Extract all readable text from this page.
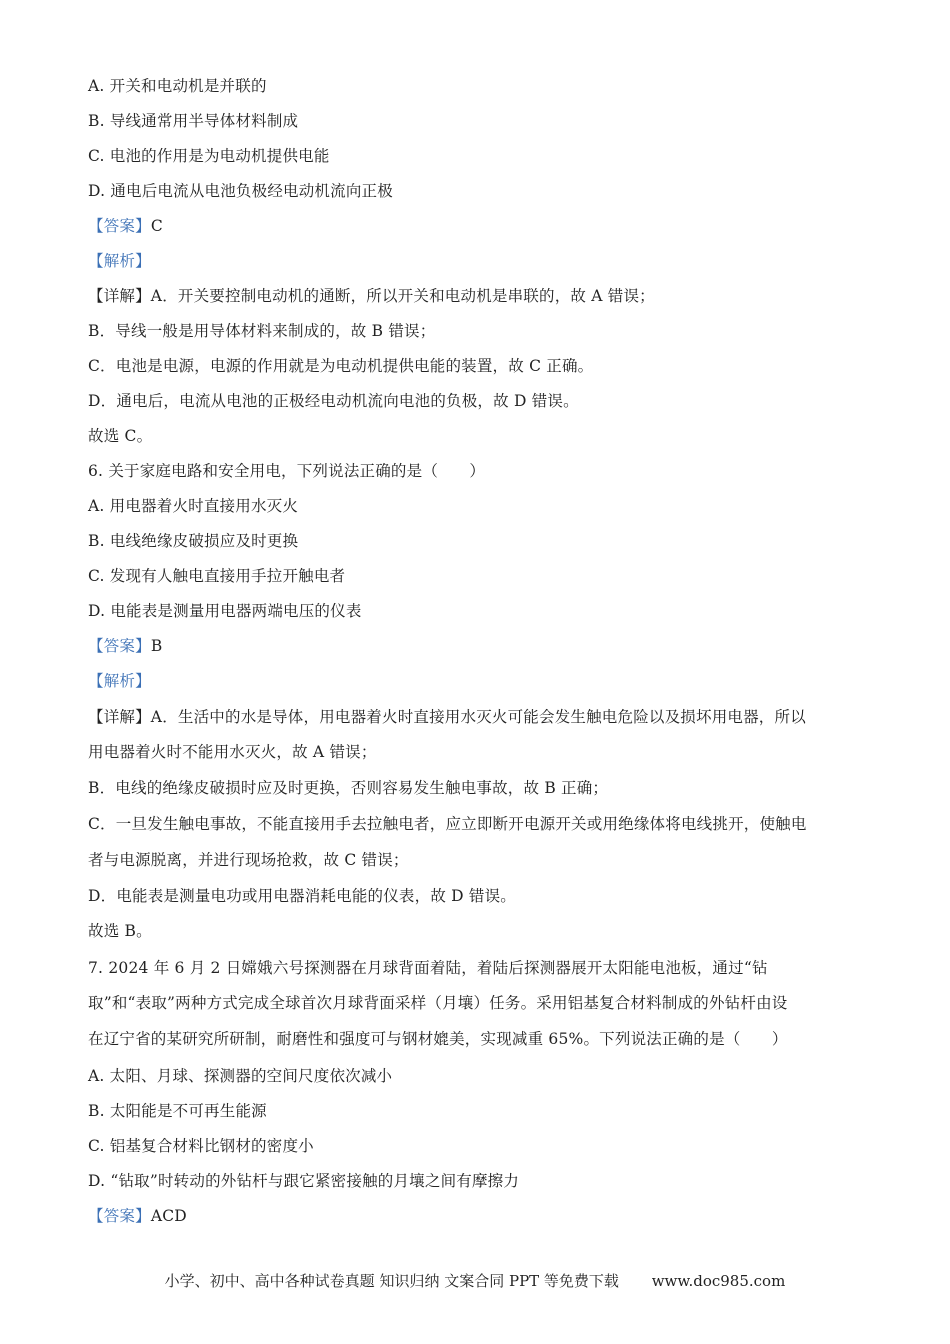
A. 开关和电动机是并联的
B. 导线通常用半导体材料制成
C. 电池的作用是为电动机提供电能
D. 通电后电流从电池负极经电动机流向正极
【答案】C
【解析】
【详解】A．开关要控制电动机的通断，所以开关和电动机是串联的，故 A 错误；
B．导线一般是用导体材料来制成的，故 B 错误；
C．电池是电源，电源的作用就是为电动机提供电能的装置，故 C 正确。
D．通电后，电流从电池的正极经电动机流向电池的负极，故 D 错误。
故选 C。
6. 关于家庭电路和安全用电，下列说法正确的是（　　）
A. 用电器着火时直接用水灭火
B. 电线绝缘皮破损应及时更换
C. 发现有人触电直接用手拉开触电者
D. 电能表是测量用电器两端电压的仪表
【答案】B
【解析】
【详解】A．生活中的水是导体，用电器着火时直接用水灭火可能会发生触电危险以及损坏用电器，所以
用电器着火时不能用水灭火，故 A 错误；
B．电线的绝缘皮破损时应及时更换，否则容易发生触电事故，故 B 正确；
C．一旦发生触电事故，不能直接用手去拉触电者，应立即断开电源开关或用绝缘体将电线挑开，使触电
者与电源脱离，并进行现场抢救，故 C 错误；
D．电能表是测量电功或用电器消耗电能的仪表，故 D 错误。
故选 B。
7. 2024 年 6 月 2 日嫦娥六号探测器在月球背面着陆，着陆后探测器展开太阳能电池板，通过“钻
取”和“表取”两种方式完成全球首次月球背面采样（月壤）任务。采用铝基复合材料制成的外钻杆由设
在辽宁省的某研究所研制，耐磨性和强度可与钢材媲美，实现减重 65%。下列说法正确的是（　　）
A. 太阳、月球、探测器的空间尺度依次减小
B. 太阳能是不可再生能源
C. 铝基复合材料比钢材的密度小
D. “钻取”时转动的外钻杆与跟它紧密接触的月壤之间有摩擦力
【答案】ACD
小学、初中、高中各种试卷真题 知识归纳 文案合同 PPT 等免费下载 www.doc985.com
